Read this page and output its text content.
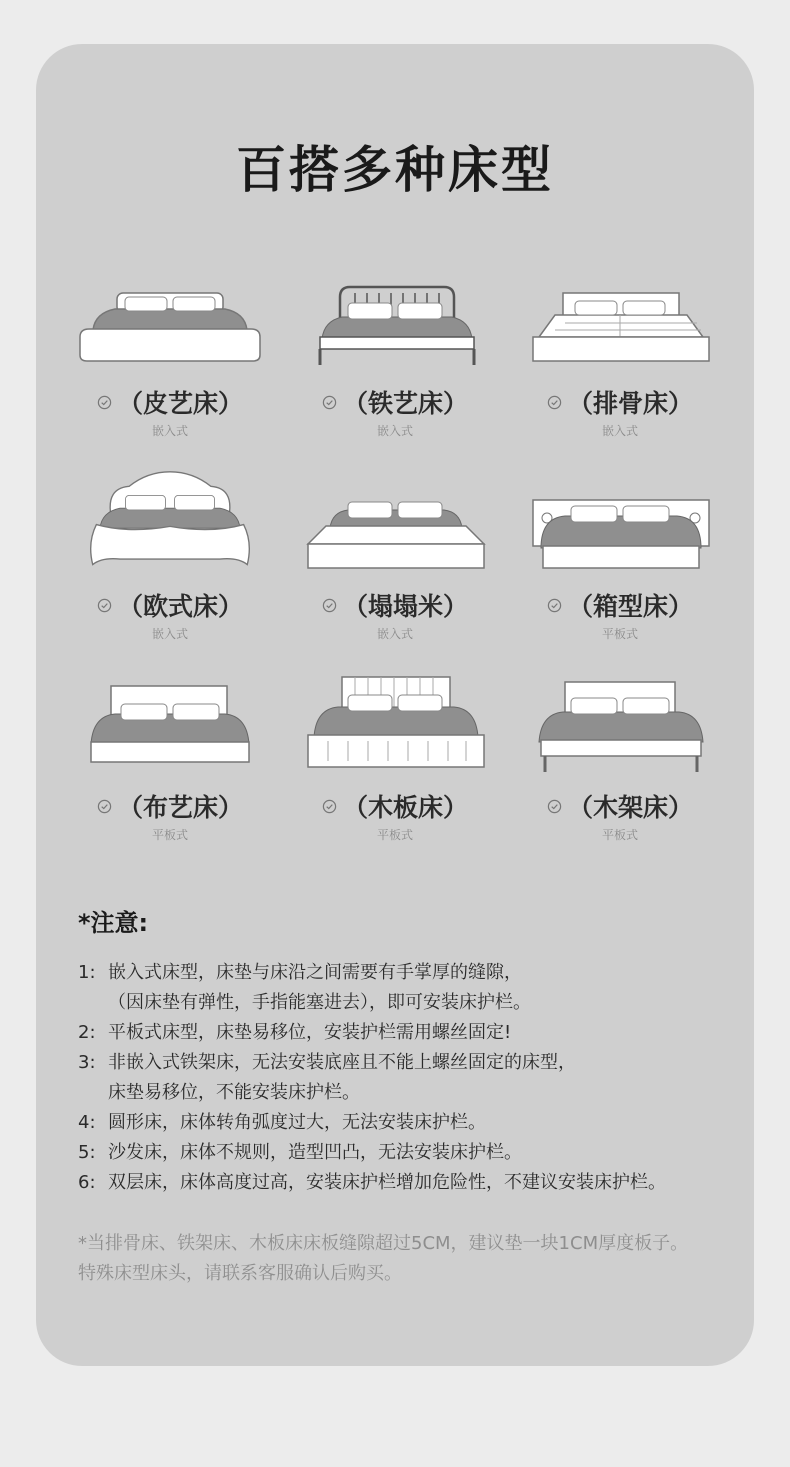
百搭多种床型
（皮艺床）
嵌入式
（铁艺床）
嵌入式
（排骨床）
嵌入式
（欧式床）
嵌入式
（塌塌米）
嵌入式
（箱型床）
平板式
（布艺床）
平板式
（木板床）
平板式
（木架床）
平板式
*注意:
1: 嵌入式床型，床垫与床沿之间需要有手掌厚的缝隙，
（因床垫有弹性，手指能塞进去），即可安装床护栏。
2: 平板式床型，床垫易移位，安装护栏需用螺丝固定!
3: 非嵌入式铁架床，无法安装底座且不能上螺丝固定的床型，
床垫易移位，不能安装床护栏。
4: 圆形床，床体转角弧度过大，无法安装床护栏。
5: 沙发床，床体不规则，造型凹凸，无法安装床护栏。
6: 双层床，床体高度过高，安装床护栏增加危险性，不建议安装床护栏。
*当排骨床、铁架床、木板床床板缝隙超过5CM，建议垫一块1CM厚度板子。
特殊床型床头，请联系客服确认后购买。
